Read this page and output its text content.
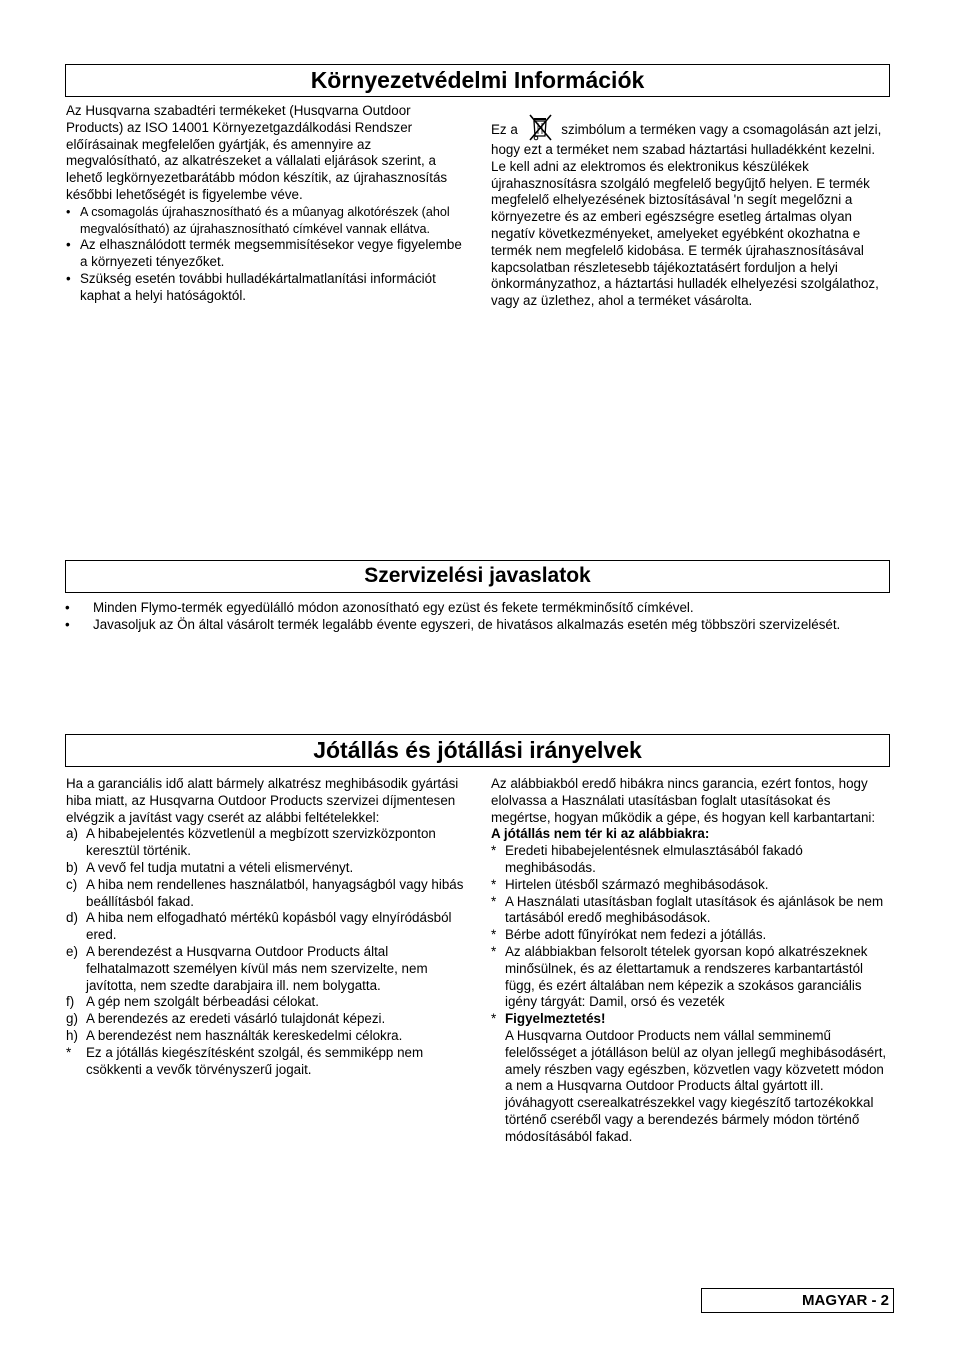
Környezetvédelmi Információk

Az Husqvarna szabadtéri termékeket (Husqvarna Outdoor Products) az ISO 14001 Környezetgazdálkodási Rendszer előírásainak megfelelően gyártják, és amennyire az megvalósítható, az alkatrészeket a vállalati eljárások szerint, a lehető legkörnyezetbarátább módon készítik, az újrahasznosítás későbbi lehetőségét is figyelembe véve.

• A csomagolás újrahasznosítható és a mûanyag alkotórészek (ahol megvalósítható) az újrahasznosítható címkével vannak ellátva.
• Az elhasználódott termék megsemmisítésekor vegye figyelembe a környezeti tényezőket.
• Szükség esetén további hulladékártalmatlanítási információt kaphat a helyi hatóságoktól.

Ez a	szimbólum a terméken vagy a csomagolásán azt jelzi, hogy ezt a terméket nem szabad háztartási hulladékként kezelni. Le kell adni az elektromos és elektronikus készülékek újrahasznosításra szolgáló megfelelő begyűjtő helyen. E termék megfelelő elhelyezésének biztosításával 'n segít megelőzni a környezetre és az emberi egészségre esetleg ártalmas olyan negatív következményeket, amelyeket egyébként okozhatna e termék nem megfelelő kidobása. E termék újrahasznosításával kapcsolatban részletesebb tájékoztatásért forduljon a helyi önkormányzathoz, a háztartási hulladék elhelyezési szolgálathoz, vagy az üzlethez, ahol a terméket vásárolta.

Szervizelési javaslatok
• Minden Flymo-termék egyedülálló módon azonosítható egy ezüst és fekete termékminősítő címkével.
• Javasoljuk az Ön által vásárolt termék legalább évente egyszeri, de hivatásos alkalmazás esetén még többszöri szervizelését.
Jótállás és jótállási irányelvek

Ha a garanciális idő alatt bármely alkatrész meghibásodik gyártási hiba miatt, az Husqvarna Outdoor Products szervizei díjmentesen elvégzik a javítást vagy cserét az alábbi feltételekkel:

a) A hibabejelentés közvetlenül a megbízott szervizközponton keresztül történik.
b) A vevő fel tudja mutatni a vételi elismervényt.
c) A hiba nem rendellenes használatból, hanyagságból vagy hibás beállításból fakad.
d) A hiba nem elfogadható mértékû kopásból vagy elnyíródásból ered.
e) A berendezést a Husqvarna Outdoor Products által felhatalmazott személyen kívül más nem szervizelte, nem javította, nem szedte darabjaira ill. nem bolygatta.
f) A gép nem szolgált bérbeadási célokat.
g) A berendezés az eredeti vásárló tulajdonát képezi.
h) A berendezést nem használták kereskedelmi célokra.
* Ez a jótállás kiegészítésként szolgál, és semmiképp nem csökkenti a vevők törvényszerű jogait.

Az alábbiakból eredő hibákra nincs garancia, ezért fontos, hogy elolvassa a Használati utasításban foglalt utasításokat és megértse, hogyan működik a gépe, és hogyan kell karbantartani:

A jótállás nem tér ki az alábbiakra:

* Eredeti hibabejelentésnek elmulasztásából fakadó meghibásodás.
* Hirtelen ütésből származó meghibásodások.
* A Használati utasításban foglalt utasítások és ajánlások be nem tartásából eredő meghibásodások.
* Bérbe adott fűnyírókat nem fedezi a jótállás.
* Az alábbiakban felsorolt tételek gyorsan kopó alkatrészeknek minősülnek, és az élettartamuk a rendszeres karbantartástól függ, és ezért általában nem képezik a szokásos garanciális igény tárgyát: Damil, orsó és vezeték
* Figyelmeztetés!
A Husqvarna Outdoor Products nem vállal semminemű felelősséget a jótálláson belül az olyan jellegű meghibásodásért, amely részben vagy egészben, közvetlen vagy közvetett módon a nem a Husqvarna Outdoor Products által gyártott ill. jóváhagyott cserealkatrészekkel vagy kiegészítő tartozékokkal történő cseréből vagy a berendezés bármely módon történő módosításából fakad.
MAGYAR - 2
